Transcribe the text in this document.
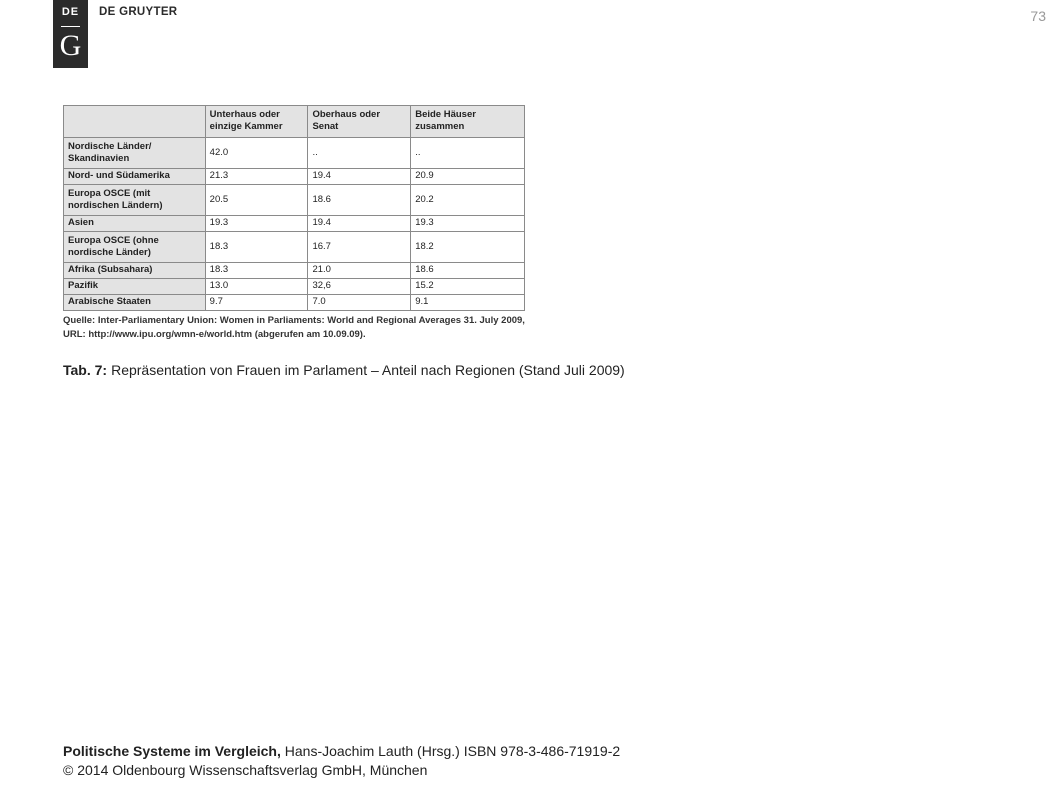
DE
G
DE GRUYTER	73
	Unterhaus oder einzige Kammer	Oberhaus oder Senat	Beide Häuser zusammen
Nordische Länder/ Skandinavien	42.0	..	..
Nord- und Südamerika	21.3	19.4	20.9
Europa OSCE (mit nordischen Ländern)	20.5	18.6	20.2
Asien	19.3	19.4	19.3
Europa OSCE (ohne nordische Länder)	18.3	16.7	18.2
Afrika (Subsahara)	18.3	21.0	18.6
Pazifik	13.0	32,6	15.2
Arabische Staaten	9.7	7.0	9.1
Quelle: Inter-Parliamentary Union: Women in Parliaments: World and Regional Averages 31. July 2009, URL: http://www.ipu.org/wmn-e/world.htm (abgerufen am 10.09.09).
Tab. 7: Repräsentation von Frauen im Parlament – Anteil nach Regionen (Stand Juli 2009)
Politische Systeme im Vergleich, Hans-Joachim Lauth (Hrsg.) ISBN 978-3-486-71919-2
© 2014 Oldenbourg Wissenschaftsverlag GmbH, München
